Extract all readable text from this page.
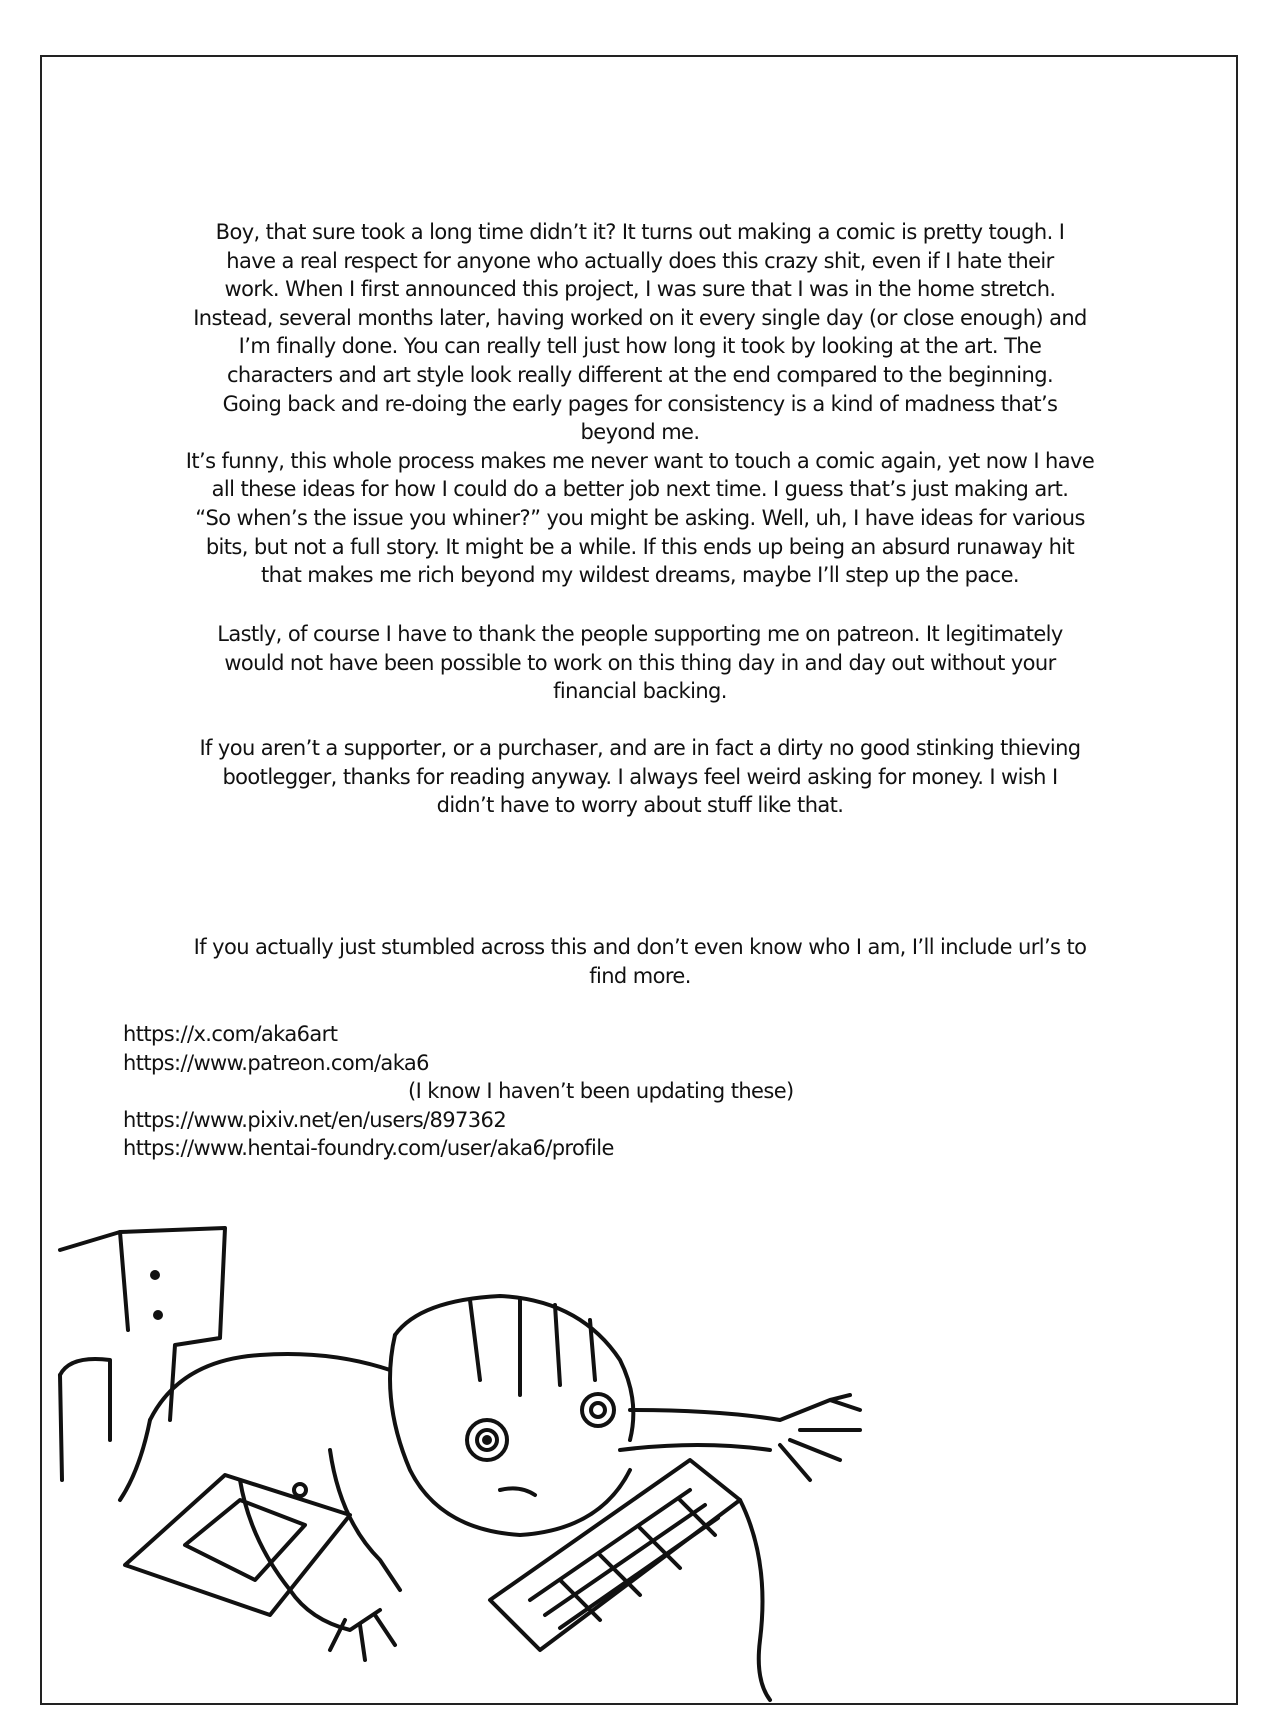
Boy, that sure took a long time didn’t it? It turns out making a comic is pretty tough. I
have a real respect for anyone who actually does this crazy shit, even if I hate their
work. When I first announced this project, I was sure that I was in the home stretch.
Instead, several months later, having worked on it every single day (or close enough) and
I’m finally done. You can really tell just how long it took by looking at the art. The
characters and art style look really different at the end compared to the beginning.
Going back and re-doing the early pages for consistency is a kind of madness that’s
beyond me.
It’s funny, this whole process makes me never want to touch a comic again, yet now I have
all these ideas for how I could do a better job next time. I guess that’s just making art.
“So when’s the issue you whiner?” you might be asking. Well, uh, I have ideas for various
bits, but not a full story. It might be a while. If this ends up being an absurd runaway hit
that makes me rich beyond my wildest dreams, maybe I’ll step up the pace.
Lastly, of course I have to thank the people supporting me on patreon. It legitimately
would not have been possible to work on this thing day in and day out without your
financial backing.
If you aren’t a supporter, or a purchaser, and are in fact a dirty no good stinking thieving
bootlegger, thanks for reading anyway. I always feel weird asking for money. I wish I
didn’t have to worry about stuff like that.
If you actually just stumbled across this and don’t even know who I am, I’ll include url’s to
find more.
https://x.com/aka6art
https://www.patreon.com/aka6
(I know I haven’t been updating these)
https://www.pixiv.net/en/users/897362
https://www.hentai-foundry.com/user/aka6/profile
